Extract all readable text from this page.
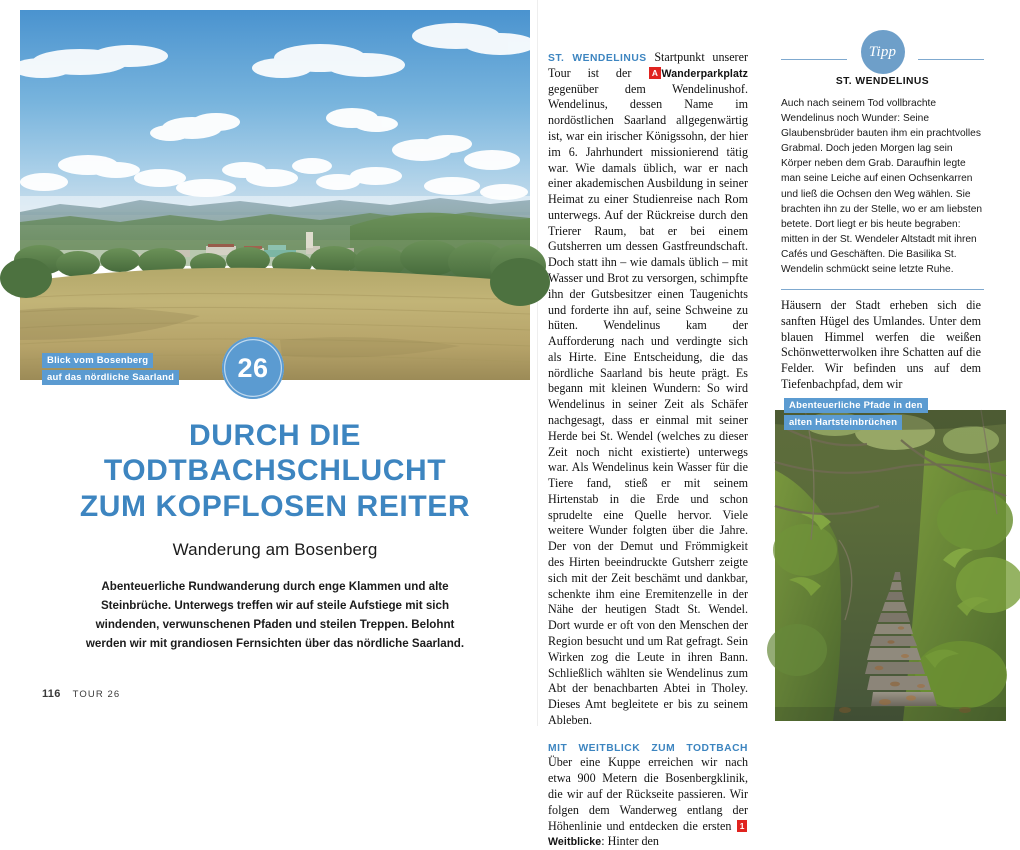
Blick vom Bosenberg
auf das nördliche Saarland	26
DURCH DIE
TODTBACHSCHLUCHT
ZUM KOPFLOSEN REITER
Wanderung am Bosenberg

Abenteuerliche Rundwanderung durch enge Klammen und alte Steinbrüche. Unterwegs treffen wir auf steile Aufstiege mit sich windenden, verwunschenen Pfaden und steilen Treppen. Belohnt werden wir mit grandiosen Fernsichten über das nördliche Saarland.

116 TOUR 26

ST. WENDELINUS Startpunkt unserer Tour ist der A Wanderparkplatz gegenüber dem Wendelinushof. Wendelinus, dessen Name im nordöstlichen Saarland allgegenwärtig ist, war ein irischer Königssohn, der hier im 6. Jahrhundert missionierend tätig war. Wie damals üblich, war er nach einer akademischen Ausbildung in seiner Heimat zu einer Studienreise nach Rom unterwegs. Auf der Rückreise durch den Trierer Raum, bat er bei einem Gutsherren um dessen Gastfreundschaft. Doch statt ihn – wie damals üblich – mit Wasser und Brot zu versorgen, schimpfte ihn der Gutsbesitzer einen Taugenichts und forderte ihn auf, seine Schweine zu hüten. Wendelinus kam der Aufforderung nach und verdingte sich als Hirte. Eine Entscheidung, die das nördliche Saarland bis heute prägt. Es begann mit kleinen Wundern: So wird Wendelinus in seiner Zeit als Schäfer nachgesagt, dass er einmal mit seiner Herde bei St. Wendel (welches zu dieser Zeit noch nicht existierte) unterwegs war. Als Wendelinus kein Wasser für die Tiere fand, stieß er mit seinem Hirtenstab in die Erde und schon sprudelte eine Quelle hervor. Viele weitere Wunder folgten über die Jahre. Der von der Demut und Frömmigkeit des Hirten beeindruckte Gutsherr zeigte sich mit der Zeit beschämt und dankbar, schenkte ihm eine Eremitenzelle in der Nähe der heutigen Stadt St. Wendel. Dort wurde er oft von den Menschen der Region besucht und um Rat gefragt. Sein Wirken zog die Leute in ihren Bann. Schließlich wählten sie Wendelinus zum Abt der benachbarten Abtei in Tholey. Dieses Amt begleitete er bis zu seinem Ableben.

MIT WEITBLICK ZUM TODTBACH Über eine Kuppe erreichen wir nach etwa 900 Metern die Bosenbergklinik, die wir auf der Rückseite passieren. Wir folgen dem Wanderweg entlang der Höhenlinie und entdecken die ersten 1Weitblicke: Hinter den

Tipp
ST. WENDELINUS
Auch nach seinem Tod vollbrachte Wendelinus noch Wunder: Seine Glaubensbrüder bauten ihm ein prachtvolles Grabmal. Doch jeden Morgen lag sein Körper neben dem Grab. Daraufhin legte man seine Leiche auf einen Ochsenkarren und ließ die Ochsen den Weg wählen. Sie brachten ihn zu der Stelle, wo er am liebsten betete. Dort liegt er bis heute begraben: mitten in der St. Wendeler Altstadt mit ihren Cafés und Geschäften. Die Basilika St. Wendelin schmückt seine letzte Ruhe.

Häusern der Stadt erheben sich die sanften Hügel des Umlandes. Unter dem blauen Himmel werfen die weißen Schönwetterwolken ihre Schatten auf die Felder. Wir befinden uns auf dem Tiefenbachpfad, dem wir

Abenteuerliche Pfade in den
alten Hartsteinbrüchen
